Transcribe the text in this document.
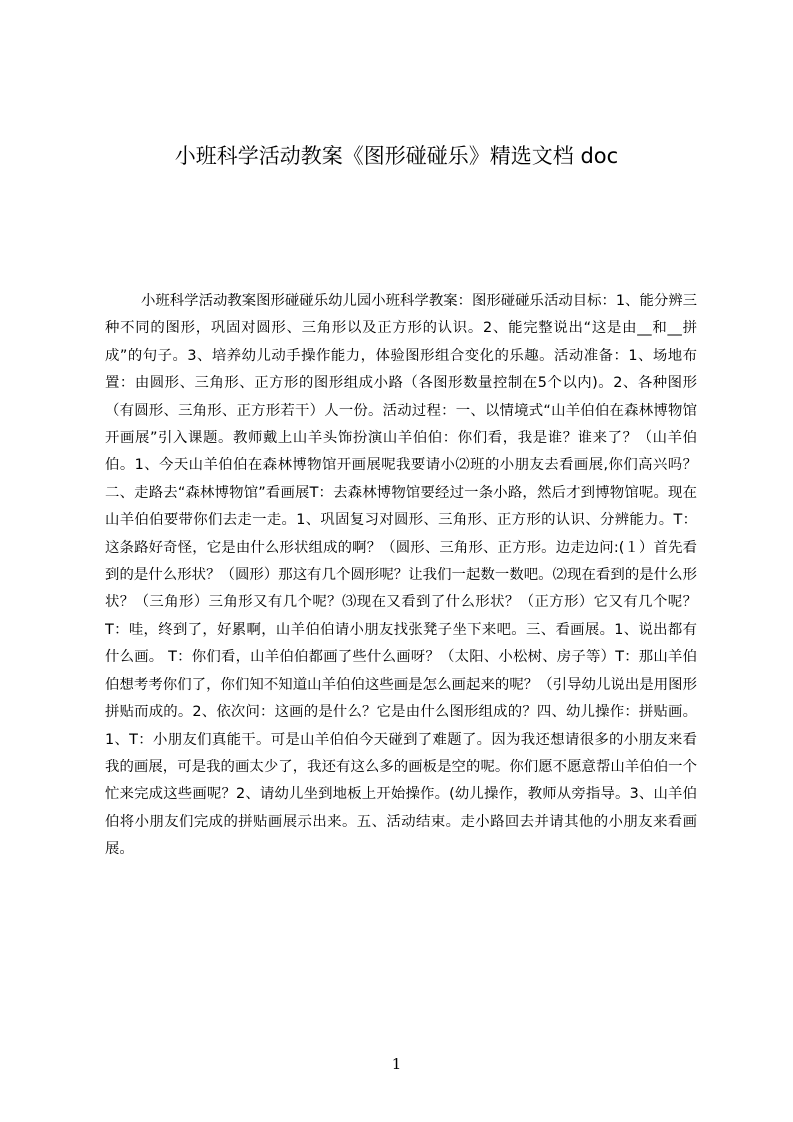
小班科学活动教案《图形碰碰乐》精选文档 doc

小班科学活动教案图形碰碰乐幼儿园小班科学教案：图形碰碰乐活动目标：1、能分辨三种不同的图形，巩固对圆形、三角形以及正方形的认识。2、能完整说出“这是由__和__拼成”的句子。3、培养幼儿动手操作能力，体验图形组合变化的乐趣。活动准备：1、场地布置：由圆形、三角形、正方形的图形组成小路（各图形数量控制在5个以内)。2、各种图形（有圆形、三角形、正方形若干）人一份。活动过程：一、以情境式“山羊伯伯在森林博物馆开画展”引入课题。教师戴上山羊头饰扮演山羊伯伯：你们看，我是谁？谁来了？（山羊伯伯。1、今天山羊伯伯在森林博物馆开画展呢我要请小⑵班的小朋友去看画展,你们高兴吗？ 二、走路去“森林博物馆”看画展T：去森林博物馆要经过一条小路，然后才到博物馆呢。现在山羊伯伯要带你们去走一走。1、巩固复习对圆形、三角形、正方形的认识、分辨能力。T：这条路好奇怪，它是由什么形状组成的啊？（圆形、三角形、正方形。边走边问:(１）首先看到的是什么形状？（圆形）那这有几个圆形呢？让我们一起数一数吧。⑵现在看到的是什么形状？（三角形）三角形又有几个呢？⑶现在又看到了什么形状？（正方形）它又有几个呢？T：哇，终到了，好累啊，山羊伯伯请小朋友找张凳子坐下来吧。三、看画展。1、说出都有什么画。 T：你们看，山羊伯伯都画了些什么画呀？（太阳、小松树、房子等）T：那山羊伯伯想考考你们了，你们知不知道山羊伯伯这些画是怎么画起来的呢？（引导幼儿说出是用图形拼贴而成的。2、依次问：这画的是什么？它是由什么图形组成的？四、幼儿操作：拼贴画。1、T：小朋友们真能干。可是山羊伯伯今天碰到了难题了。因为我还想请很多的小朋友来看我的画展，可是我的画太少了，我还有这么多的画板是空的呢。你们愿不愿意帮山羊伯伯一个忙来完成这些画呢？2、请幼儿坐到地板上开始操作。(幼儿操作，教师从旁指导。3、山羊伯伯将小朋友们完成的拼贴画展示出来。五、活动结束。走小路回去并请其他的小朋友来看画展。

1
